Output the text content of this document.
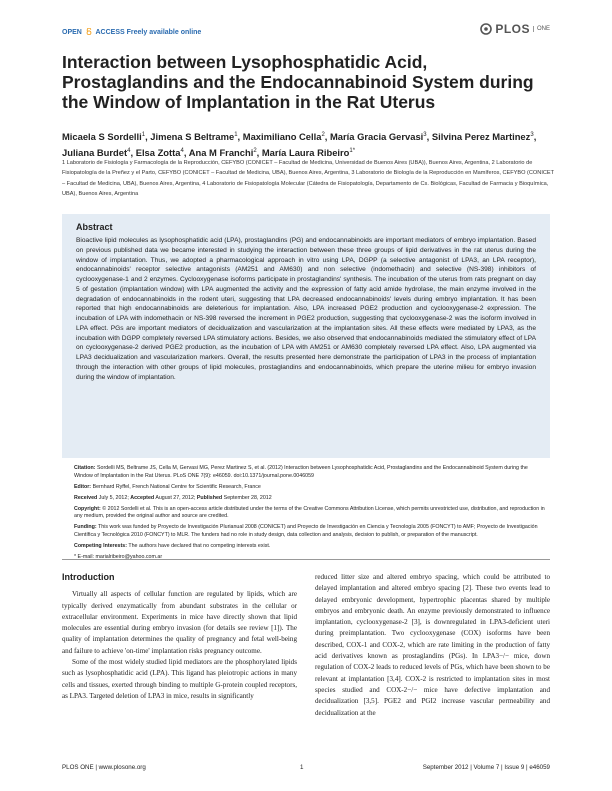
OPEN ACCESS Freely available online	PLOS	ONE
Interaction between Lysophosphatidic Acid, Prostaglandins and the Endocannabinoid System during the Window of Implantation in the Rat Uterus
Micaela S Sordelli$^1$, Jimena S Beltrame$^1$, Maximiliano Cella$^2$, María Gracia Gervasi$^3$, Silvina Perez Martinez$^3$, Juliana Burdet$^4$, Elsa Zotta$^4$, Ana M Franchi$^2$, María Laura Ribeiro$^{1*}$
1 Laboratorio de Fisiología y Farmacología de la Reproducción, CEFYBO (CONICET – Facultad de Medicina, Universidad de Buenos Aires (UBA)), Buenos Aires, Argentina, 2 Laboratorio de Fisiopatología de la Preñez y el Parto, CEFYBO (CONICET – Facultad de Medicina, UBA), Buenos Aires, Argentina, 3 Laboratorio de Biología de la Reproducción en Mamíferos, CEFYBO (CONICET – Facultad de Medicina, UBA), Buenos Aires, Argentina, 4 Laboratorio de Fisiopatología Molecular (Cátedra de Fisiopatología, Departamento de Cs. Biológicas, Facultad de Farmacia y Bioquímica, UBA), Buenos Aires, Argentina
Abstract
Bioactive lipid molecules as lysophosphatidic acid (LPA), prostaglandins (PG) and endocannabinoids are important mediators of embryo implantation. Based on previous published data we became interested in studying the interaction between these three groups of lipid derivatives in the rat uterus during the window of implantation. Thus, we adopted a pharmacological approach in vitro using LPA, DGPP (a selective antagonist of LPA3, an LPA receptor), endocannabinoids' receptor selective antagonists (AM251 and AM630) and non selective (indomethacin) and selective (NS-398) inhibitors of cyclooxygenase-1 and 2 enzymes. Cyclooxygenase isoforms participate in prostaglandins' synthesis. The incubation of the uterus from rats pregnant on day 5 of gestation (implantation window) with LPA augmented the activity and the expression of fatty acid amide hydrolase, the main enzyme involved in the degradation of endocannabinoids in the rodent uteri, suggesting that LPA decreased endocannabinoids' levels during embryo implantation. It has been reported that high endocannabinoids are deleterious for implantation. Also, LPA increased PGE2 production and cyclooxygenase-2 expression. The incubation of LPA with indomethacin or NS-398 reversed the increment in PGE2 production, suggesting that cyclooxygenase-2 was the isoform involved in LPA effect. PGs are important mediators of decidualization and vascularization at the implantation sites. All these effects were mediated by LPA3, as the incubation with DGPP completely reversed LPA stimulatory actions. Besides, we also observed that endocannabinoids mediated the stimulatory effect of LPA on cyclooxygenase-2 derived PGE2 production, as the incubation of LPA with AM251 or AM630 completely reversed LPA effect. Also, LPA augmented via LPA3 decidualization and vascularization markers. Overall, the results presented here demonstrate the participation of LPA3 in the process of implantation through the interaction with other groups of lipid molecules, prostaglandins and endocannabinoids, which prepare the uterine milieu for embryo invasion during the window of implantation.

Citation: Sordelli MS, Beltrame JS, Cella M, Gervasi MG, Perez Martinez S, et al. (2012) Interaction between Lysophosphatidic Acid, Prostaglandins and the Endocannabinoid System during the Window of Implantation in the Rat Uterus. PLoS ONE 7(9): e46059. doi:10.1371/journal.pone.0046059

Editor: Bernhard Ryffel, French National Centre for Scientific Research, France

Received July 5, 2012; Accepted August 27, 2012; Published September 28, 2012

Copyright: © 2012 Sordelli et al. This is an open-access article distributed under the terms of the Creative Commons Attribution License, which permits unrestricted use, distribution, and reproduction in any medium, provided the original author and source are credited.

Funding: This work was funded by Proyecto de Investigación Plurianual 2008 (CONICET) and Proyecto de Investigación en Ciencia y Tecnología 2005 (FONCYT) to AMF; Proyecto de Investigación Científica y Tecnológica 2010 (FONCYT) to MLR. The funders had no role in study design, data collection and analysis, decision to publish, or preparation of the manuscript.

Competing Interests: The authors have declared that no competing interests exist.

* E-mail: marialribeiro@yahoo.com.ar

Introduction

Virtually all aspects of cellular function are regulated by lipids, which are typically derived enzymatically from abundant substrates in the cellular or extracellular environment. Experiments in mice have directly shown that lipid molecules are essential during embryo invasion (for details see review [1]). The quality of implantation determines the quality of pregnancy and fetal well-being and failure to achieve 'on-time' implantation risks pregnancy outcome.

Some of the most widely studied lipid mediators are the phosphorylated lipids such as lysophosphatidic acid (LPA). This ligand has pleiotropic actions in many cells and tissues, exerted through binding to multiple G-protein coupled receptors, as LPA3. Targeted deletion of LPA3 in mice, results in significantly

reduced litter size and altered embryo spacing, which could be attributed to delayed implantation and altered embryo spacing [2]. These two events lead to delayed embryonic development, hypertrophic placentas shared by multiple embryos and embryonic death. An enzyme previously demonstrated to influence implantation, cyclooxygenase-2 [3], is downregulated in LPA3-deficient uteri during preimplantation. Two cyclooxygenase (COX) isoforms have been described, COX-1 and COX-2, which are rate limiting in the production of fatty acid derivatives known as prostaglandins (PGs). In LPA3−/− mice, down regulation of COX-2 leads to reduced levels of PGs, which have been shown to be relevant at implantation [3,4]. COX-2 is restricted to implantation sites in most species studied and COX-2−/− mice have defective implantation and decidualization [3,5]. PGE2 and PGI2 increase vascular permeability and decidualization at the

PLOS ONE | www.plosone.org	1	September 2012 | Volume 7 | Issue 9 | e46059
